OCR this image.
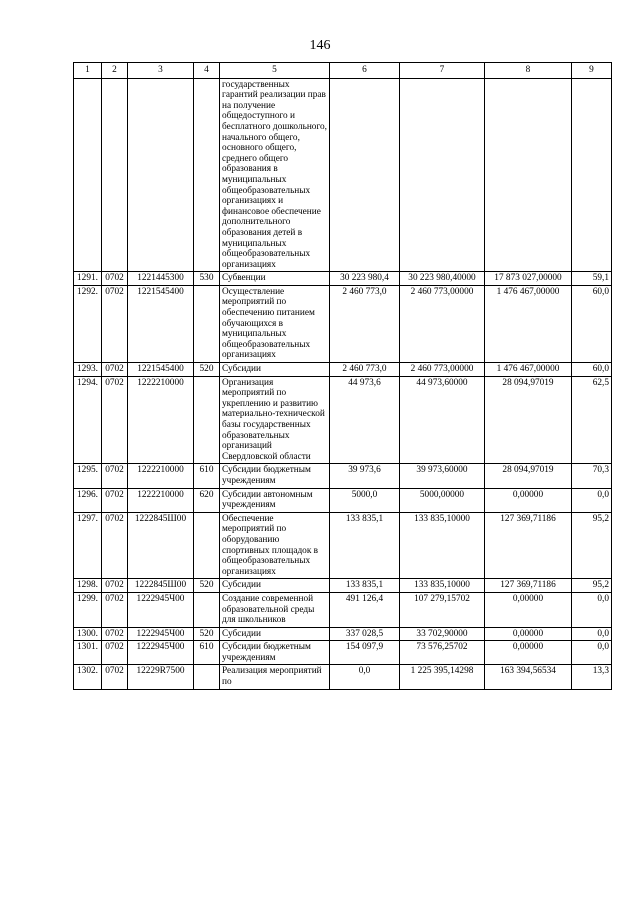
146
1	2	3	4	5	6	7	8	9
				государственных гарантий реализации прав на получение общедоступного и бесплатного дошкольного, начального общего, основного общего, среднего общего образования в муниципальных общеобразовательных организациях и финансовое обеспечение дополнительного образования детей в муниципальных общеобразовательных организациях				
1291.	0702	1221445300	530	Субвенции	30 223 980,4	30 223 980,40000	17 873 027,00000	59,1
1292.	0702	1221545400		Осуществление мероприятий по обеспечению питанием обучающихся в муниципальных общеобразовательных организациях	2 460 773,0	2 460 773,00000	1 476 467,00000	60,0
1293.	0702	1221545400	520	Субсидии	2 460 773,0	2 460 773,00000	1 476 467,00000	60,0
1294.	0702	1222210000		Организация мероприятий по укреплению и развитию материально-технической базы государственных образовательных организаций Свердловской области	44 973,6	44 973,60000	28 094,97019	62,5
1295.	0702	1222210000	610	Субсидии бюджетным учреждениям	39 973,6	39 973,60000	28 094,97019	70,3
1296.	0702	1222210000	620	Субсидии автономным учреждениям	5000,0	5000,00000	0,00000	0,0
1297.	0702	1222845Ш00		Обеспечение мероприятий по оборудованию спортивных площадок в общеобразовательных организациях	133 835,1	133 835,10000	127 369,71186	95,2
1298.	0702	1222845Ш00	520	Субсидии	133 835,1	133 835,10000	127 369,71186	95,2
1299.	0702	1222945Ч00		Создание современной образовательной среды для школьников	491 126,4	107 279,15702	0,00000	0,0
1300.	0702	1222945Ч00	520	Субсидии	337 028,5	33 702,90000	0,00000	0,0
1301.	0702	1222945Ч00	610	Субсидии бюджетным учреждениям	154 097,9	73 576,25702	0,00000	0,0
1302.	0702	12229R7500		Реализация мероприятий по	0,0	1 225 395,14298	163 394,56534	13,3
